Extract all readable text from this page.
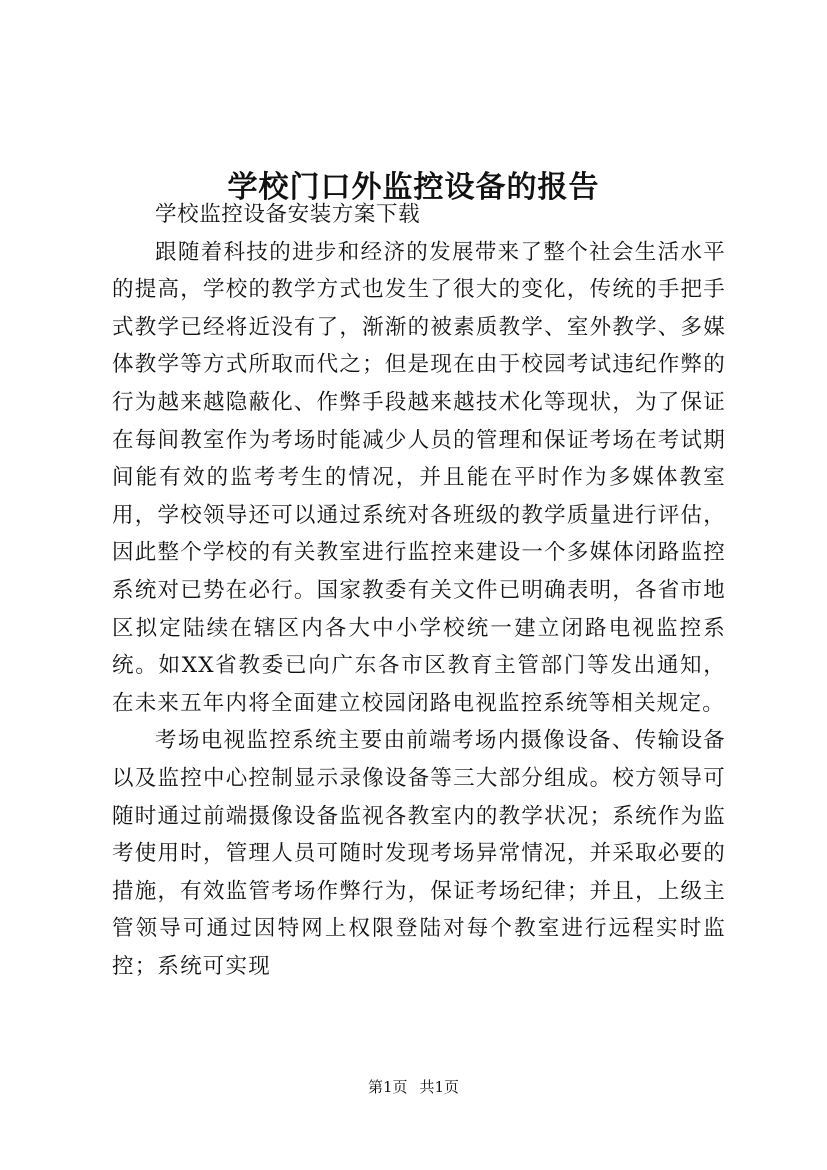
学校门口外监控设备的报告

学校监控设备安装方案下载

跟随着科技的进步和经济的发展带来了整个社会生活水平的提高，学校的教学方式也发生了很大的变化，传统的手把手式教学已经将近没有了，渐渐的被素质教学、室外教学、多媒体教学等方式所取而代之；但是现在由于校园考试违纪作弊的行为越来越隐蔽化、作弊手段越来越技术化等现状，为了保证在每间教室作为考场时能减少人员的管理和保证考场在考试期间能有效的监考考生的情况，并且能在平时作为多媒体教室用，学校领导还可以通过系统对各班级的教学质量进行评估，因此整个学校的有关教室进行监控来建设一个多媒体闭路监控系统对已势在必行。国家教委有关文件已明确表明，各省市地区拟定陆续在辖区内各大中小学校统一建立闭路电视监控系统。如XX省教委已向广东各市区教育主管部门等发出通知，在未来五年内将全面建立校园闭路电视监控系统等相关规定。

考场电视监控系统主要由前端考场内摄像设备、传输设备以及监控中心控制显示录像设备等三大部分组成。校方领导可随时通过前端摄像设备监视各教室内的教学状况；系统作为监考使用时，管理人员可随时发现考场异常情况，并采取必要的措施，有效监管考场作弊行为，保证考场纪律；并且，上级主管领导可通过因特网上权限登陆对每个教室进行远程实时监控；系统可实现

第1页 共1页
